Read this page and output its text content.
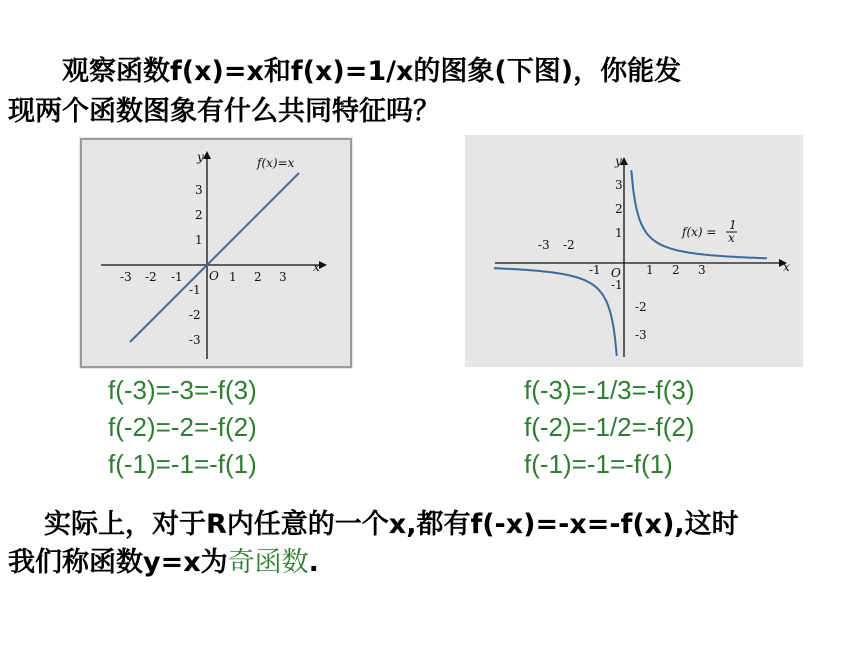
观察函数f(x)=x和f(x)=1/x的图象(下图)，你能发
现两个函数图象有什么共同特征吗？
x
y
O
-3 -2 -1	1 2 3
3
2
1
-1
-2
-3
f(x)=x
x
y
O
-3 -2
-1	1 2 3
3
2
1
-1
-2
-3
f(x) = 1
x
f(-3)=-3=-f(3)
f(-2)=-2=-f(2)
f(-1)=-1=-f(1)
f(-3)=-1/3=-f(3)
f(-2)=-1/2=-f(2)
f(-1)=-1=-f(1)
实际上，对于R内任意的一个x,都有f(-x)=-x=-f(x),这时
我们称函数y=x为奇函数.
